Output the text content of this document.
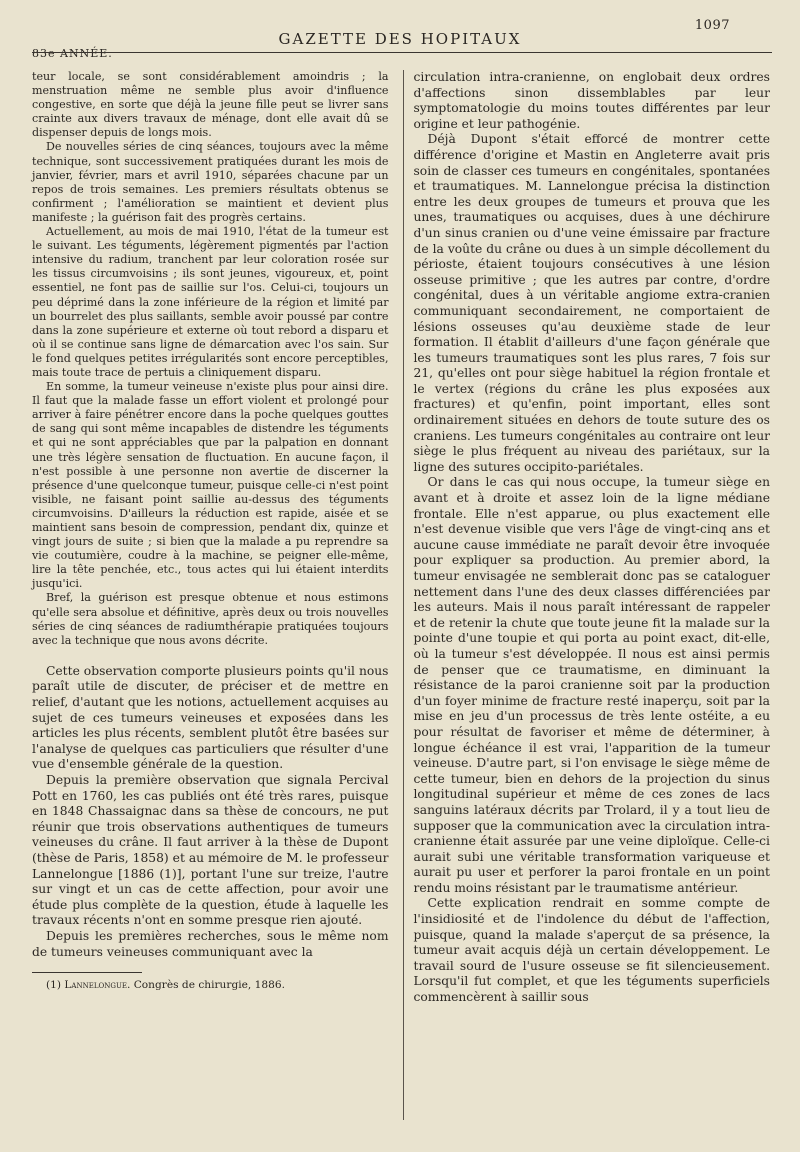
1097
GAZETTE DES HOPITAUX
83e ANNÉE.

teur locale, se sont considérablement amoindris ; la menstruation même ne semble plus avoir d'influence congestive, en sorte que déjà la jeune fille peut se livrer sans crainte aux divers travaux de ménage, dont elle avait dû se dispenser depuis de longs mois.

De nouvelles séries de cinq séances, toujours avec la même technique, sont successivement pratiquées durant les mois de janvier, février, mars et avril 1910, séparées chacune par un repos de trois semaines. Les premiers résultats obtenus se confirment ; l'amélioration se maintient et devient plus manifeste ; la guérison fait des progrès certains.

Actuellement, au mois de mai 1910, l'état de la tumeur est le suivant. Les téguments, légèrement pigmentés par l'action intensive du radium, tranchent par leur coloration rosée sur les tissus circumvoisins ; ils sont jeunes, vigoureux, et, point essentiel, ne font pas de saillie sur l'os. Celui-ci, toujours un peu déprimé dans la zone inférieure de la région et limité par un bourrelet des plus saillants, semble avoir poussé par contre dans la zone supérieure et externe où tout rebord a disparu et où il se continue sans ligne de démarcation avec l'os sain. Sur le fond quelques petites irrégularités sont encore perceptibles, mais toute trace de pertuis a cliniquement disparu.

En somme, la tumeur veineuse n'existe plus pour ainsi dire. Il faut que la malade fasse un effort violent et prolongé pour arriver à faire pénétrer encore dans la poche quelques gouttes de sang qui sont même incapables de distendre les téguments et qui ne sont appréciables que par la palpation en donnant une très légère sensation de fluctuation. En aucune façon, il n'est possible à une personne non avertie de discerner la présence d'une quelconque tumeur, puisque celle-ci n'est point visible, ne faisant point saillie au-dessus des téguments circumvoisins. D'ailleurs la réduction est rapide, aisée et se maintient sans besoin de compression, pendant dix, quinze et vingt jours de suite ; si bien que la malade a pu reprendre sa vie coutumière, coudre à la machine, se peigner elle-même, lire la tête penchée, etc., tous actes qui lui étaient interdits jusqu'ici.

Bref, la guérison est presque obtenue et nous estimons qu'elle sera absolue et définitive, après deux ou trois nouvelles séries de cinq séances de radiumthérapie pratiquées toujours avec la technique que nous avons décrite.

Cette observation comporte plusieurs points qu'il nous paraît utile de discuter, de préciser et de mettre en relief, d'autant que les notions, actuellement acquises au sujet de ces tumeurs veineuses et exposées dans les articles les plus récents, semblent plutôt être basées sur l'analyse de quelques cas particuliers que résulter d'une vue d'ensemble générale de la question.

Depuis la première observation que signala Percival Pott en 1760, les cas publiés ont été très rares, puisque en 1848 Chassaignac dans sa thèse de concours, ne put réunir que trois observations authentiques de tumeurs veineuses du crâne. Il faut arriver à la thèse de Dupont (thèse de Paris, 1858) et au mémoire de M. le professeur Lannelongue [1886 (1)], portant l'une sur treize, l'autre sur vingt et un cas de cette affection, pour avoir une étude plus complète de la question, étude à laquelle les travaux récents n'ont en somme presque rien ajouté.

Depuis les premières recherches, sous le même nom de tumeurs veineuses communiquant avec la

(1) Lannelongue. Congrès de chirurgie, 1886.

circulation intra-cranienne, on englobait deux ordres d'affections sinon dissemblables par leur symptomatologie du moins toutes différentes par leur origine et leur pathogénie.

Déjà Dupont s'était efforcé de montrer cette différence d'origine et Mastin en Angleterre avait pris soin de classer ces tumeurs en congénitales, spontanées et traumatiques. M. Lannelongue précisa la distinction entre les deux groupes de tumeurs et prouva que les unes, traumatiques ou acquises, dues à une déchirure d'un sinus cranien ou d'une veine émissaire par fracture de la voûte du crâne ou dues à un simple décollement du périoste, étaient toujours consécutives à une lésion osseuse primitive ; que les autres par contre, d'ordre congénital, dues à un véritable angiome extra-cranien communiquant secondairement, ne comportaient de lésions osseuses qu'au deuxième stade de leur formation. Il établit d'ailleurs d'une façon générale que les tumeurs traumatiques sont les plus rares, 7 fois sur 21, qu'elles ont pour siège habituel la région frontale et le vertex (régions du crâne les plus exposées aux fractures) et qu'enfin, point important, elles sont ordinairement situées en dehors de toute suture des os craniens. Les tumeurs congénitales au contraire ont leur siège le plus fréquent au niveau des pariétaux, sur la ligne des sutures occipito-pariétales.

Or dans le cas qui nous occupe, la tumeur siège en avant et à droite et assez loin de la ligne médiane frontale. Elle n'est apparue, ou plus exactement elle n'est devenue visible que vers l'âge de vingt-cinq ans et aucune cause immédiate ne paraît devoir être invoquée pour expliquer sa production. Au premier abord, la tumeur envisagée ne semblerait donc pas se cataloguer nettement dans l'une des deux classes différenciées par les auteurs. Mais il nous paraît intéressant de rappeler et de retenir la chute que toute jeune fit la malade sur la pointe d'une toupie et qui porta au point exact, dit-elle, où la tumeur s'est développée. Il nous est ainsi permis de penser que ce traumatisme, en diminuant la résistance de la paroi cranienne soit par la production d'un foyer minime de fracture resté inaperçu, soit par la mise en jeu d'un processus de très lente ostéite, a eu pour résultat de favoriser et même de déterminer, à longue échéance il est vrai, l'apparition de la tumeur veineuse. D'autre part, si l'on envisage le siège même de cette tumeur, bien en dehors de la projection du sinus longitudinal supérieur et même de ces zones de lacs sanguins latéraux décrits par Trolard, il y a tout lieu de supposer que la communication avec la circulation intra-cranienne était assurée par une veine diploïque. Celle-ci aurait subi une véritable transformation variqueuse et aurait pu user et perforer la paroi frontale en un point rendu moins résistant par le traumatisme antérieur.

Cette explication rendrait en somme compte de l'insidiosité et de l'indolence du début de l'affection, puisque, quand la malade s'aperçut de sa présence, la tumeur avait acquis déjà un certain développement. Le travail sourd de l'usure osseuse se fit silencieusement. Lorsqu'il fut complet, et que les téguments superficiels commencèrent à saillir sous
